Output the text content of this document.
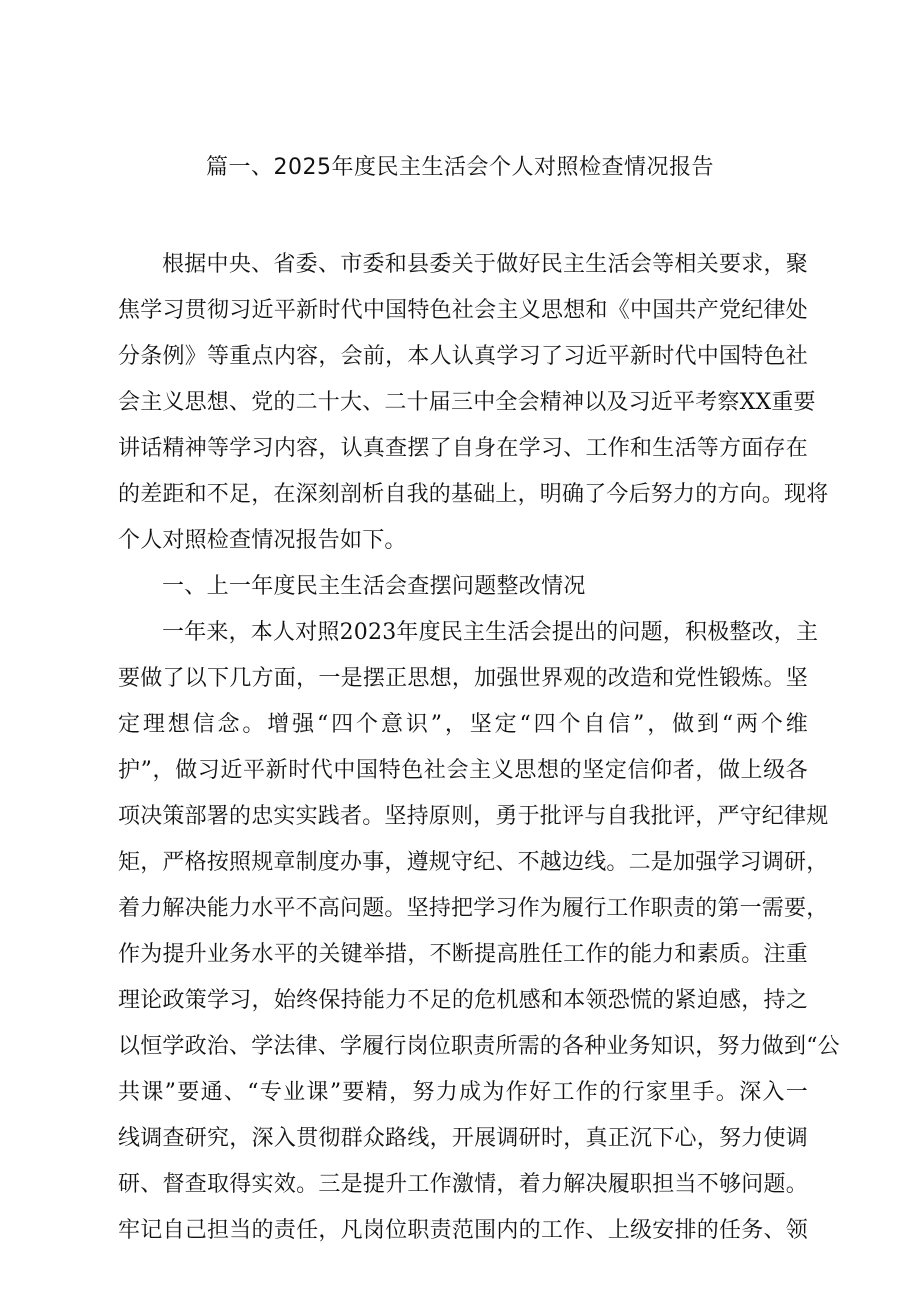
篇一、2025年度民主生活会个人对照检查情况报告
根据中央、省委、市委和县委关于做好民主生活会等相关要求，聚
焦学习贯彻习近平新时代中国特色社会主义思想和《中国共产党纪律处
分条例》等重点内容，会前，本人认真学习了习近平新时代中国特色社
会主义思想、党的二十大、二十届三中全会精神以及习近平考察XX重要
讲话精神等学习内容，认真查摆了自身在学习、工作和生活等方面存在
的差距和不足，在深刻剖析自我的基础上，明确了今后努力的方向。现将
个人对照检查情况报告如下。
一、上一年度民主生活会查摆问题整改情况
一年来，本人对照2023年度民主生活会提出的问题，积极整改，主
要做了以下几方面，一是摆正思想，加强世界观的改造和党性锻炼。坚
定理想信念。增强“四个意识”，坚定“四个自信”，做到“两个维
护”，做习近平新时代中国特色社会主义思想的坚定信仰者，做上级各
项决策部署的忠实实践者。坚持原则，勇于批评与自我批评，严守纪律规
矩，严格按照规章制度办事，遵规守纪、不越边线。二是加强学习调研，
着力解决能力水平不高问题。坚持把学习作为履行工作职责的第一需要，
作为提升业务水平的关键举措，不断提高胜任工作的能力和素质。注重
理论政策学习，始终保持能力不足的危机感和本领恐慌的紧迫感，持之
以恒学政治、学法律、学履行岗位职责所需的各种业务知识，努力做到“公
共课”要通、“专业课”要精，努力成为作好工作的行家里手。深入一
线调查研究，深入贯彻群众路线，开展调研时，真正沉下心，努力使调
研、督查取得实效。三是提升工作激情，着力解决履职担当不够问题。
牢记自己担当的责任，凡岗位职责范围内的工作、上级安排的任务、领
